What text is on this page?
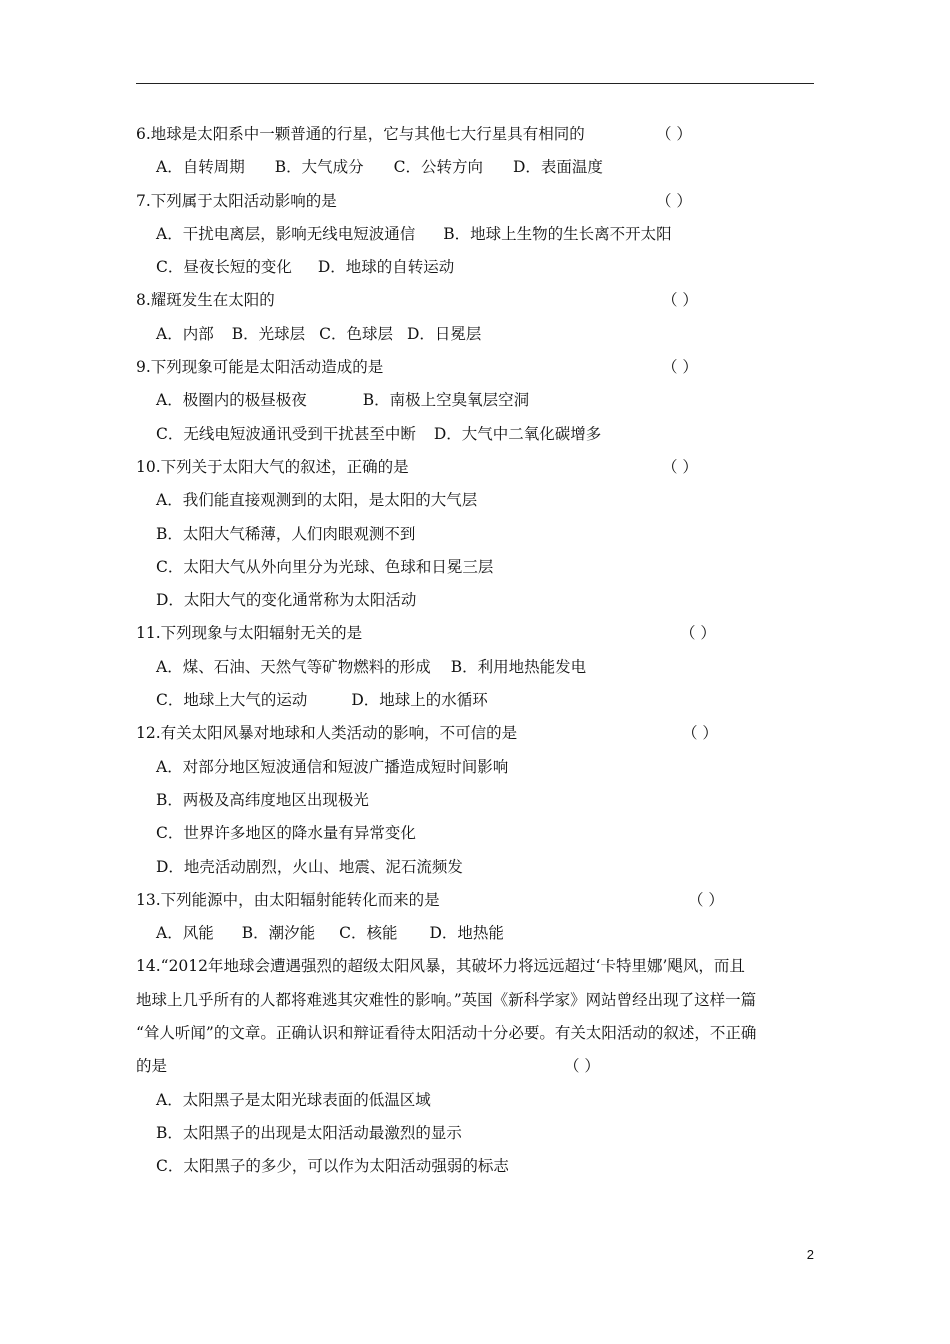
6.地球是太阳系中一颗普通的行星，它与其他七大行星具有相同的	（ ）
A．自转周期 B．大气成分 C．公转方向 D．表面温度
7.下列属于太阳活动影响的是	（ ）
A．干扰电离层，影响无线电短波通信 B．地球上生物的生长离不开太阳
C．昼夜长短的变化 D．地球的自转运动
8.耀斑发生在太阳的	（ ）
A．内部 B．光球层 C．色球层 D．日冕层
9.下列现象可能是太阳活动造成的是	（ ）
A．极圈内的极昼极夜	B．南极上空臭氧层空洞
C．无线电短波通讯受到干扰甚至中断 D．大气中二氧化碳增多
10.下列关于太阳大气的叙述，正确的是	（ ）
A．我们能直接观测到的太阳，是太阳的大气层
B．太阳大气稀薄，人们肉眼观测不到
C．太阳大气从外向里分为光球、色球和日冕三层
D．太阳大气的变化通常称为太阳活动
11.下列现象与太阳辐射无关的是	（ ）
A．煤、石油、天然气等矿物燃料的形成 B．利用地热能发电
C．地球上大气的运动	D．地球上的水循环
12.有关太阳风暴对地球和人类活动的影响，不可信的是	（ ）
A．对部分地区短波通信和短波广播造成短时间影响
B．两极及高纬度地区出现极光
C．世界许多地区的降水量有异常变化
D．地壳活动剧烈，火山、地震、泥石流频发
13.下列能源中，由太阳辐射能转化而来的是	（ ）
A．风能 B．潮汐能 C．核能 D．地热能
14.“2012年地球会遭遇强烈的超级太阳风暴，其破坏力将远远超过‘卡特里娜’飓风，而且
地球上几乎所有的人都将难逃其灾难性的影响。”英国《新科学家》网站曾经出现了这样一篇
“耸人听闻”的文章。正确认识和辩证看待太阳活动十分必要。有关太阳活动的叙述，不正确
的是	（ ）
A．太阳黑子是太阳光球表面的低温区域
B．太阳黑子的出现是太阳活动最激烈的显示
C．太阳黑子的多少，可以作为太阳活动强弱的标志
2
